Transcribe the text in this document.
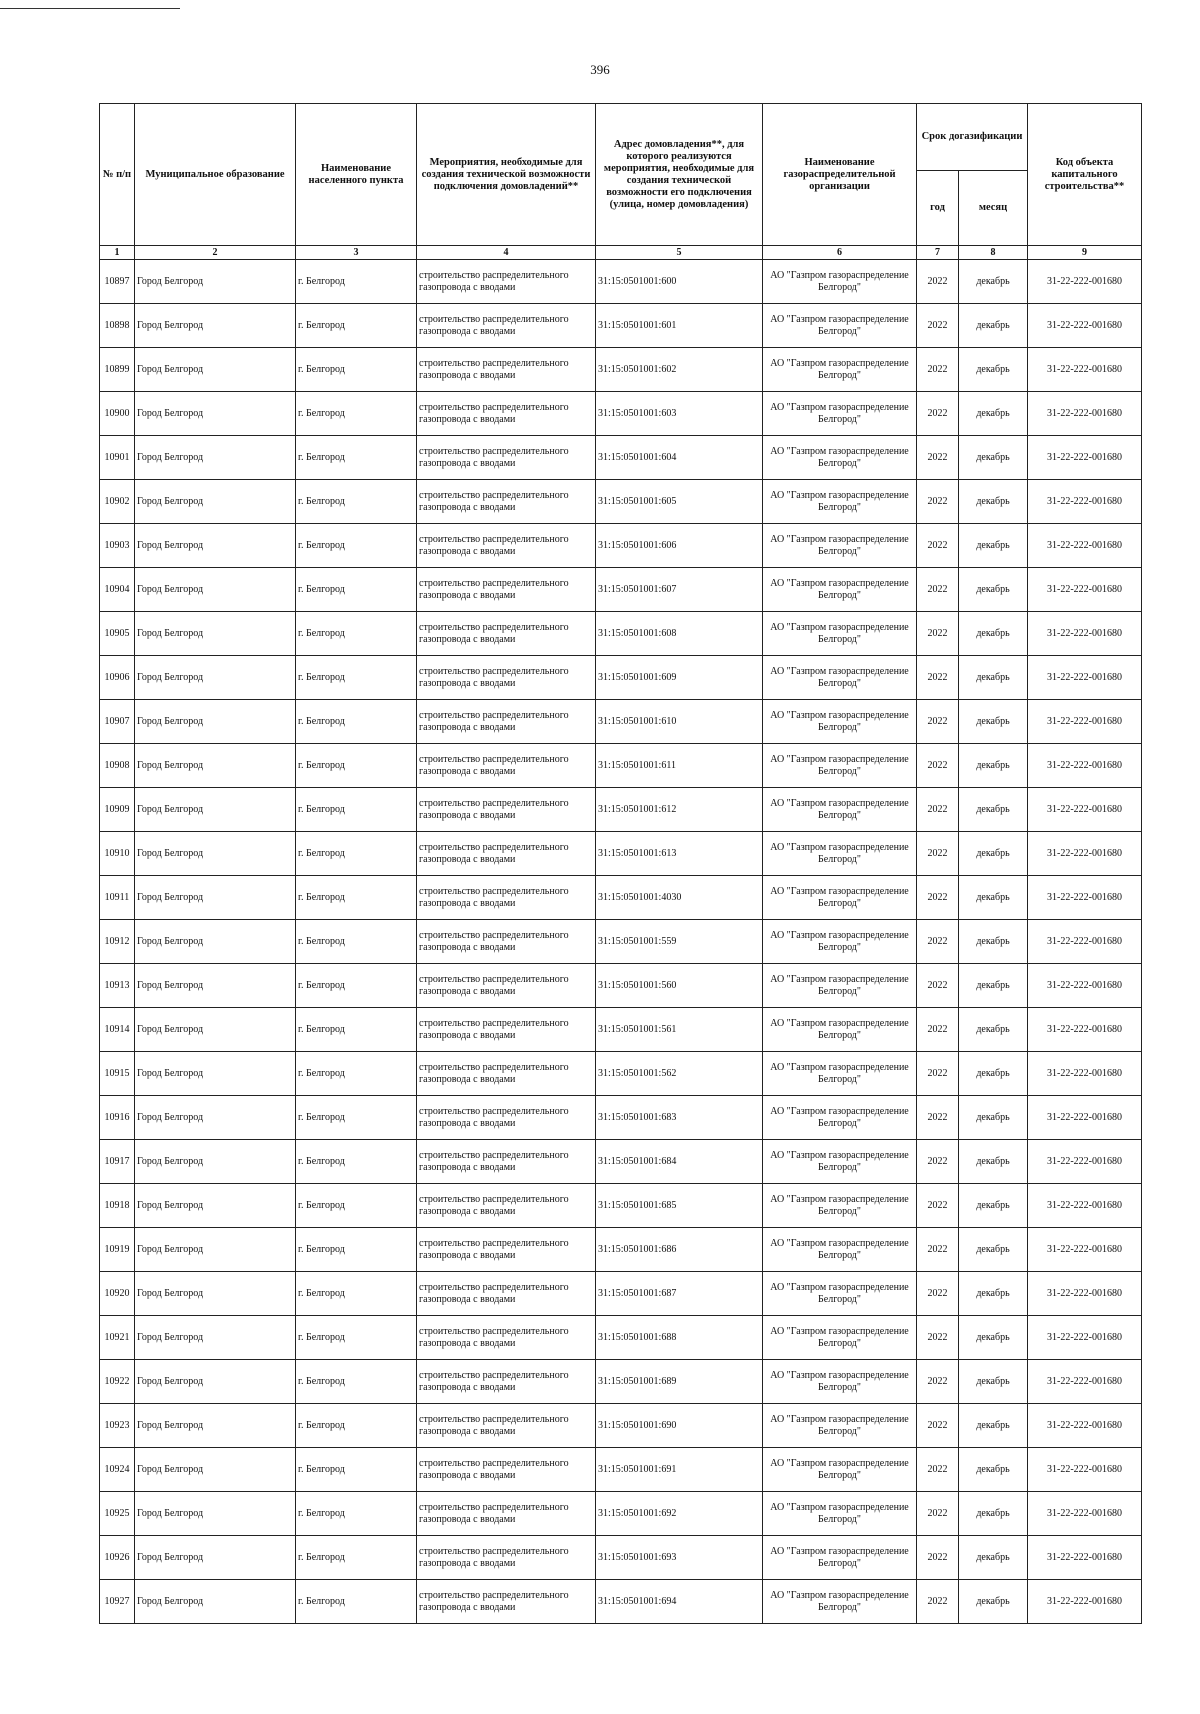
396
№ п/п	Муниципальное образование	Наименование населенного пункта	Мероприятия, необходимые для создания технической возможности подключения домовладений**	Адрес домовладения**, для которого реализуются мероприятия, необходимые для создания технической возможности его подключения (улица, номер домовладения)	Наименование газораспределительной организации	Срок догазификации		Код объекта капитального строительства**
						год	месяц	
1	2	3	4	5	6	7	8	9
10897	Город Белгород	г. Белгород	строительство распределительного газопровода с вводами	31:15:0501001:600	АО "Газпром газораспределение Белгород"	2022	декабрь	31-22-222-001680
10898	Город Белгород	г. Белгород	строительство распределительного газопровода с вводами	31:15:0501001:601	АО "Газпром газораспределение Белгород"	2022	декабрь	31-22-222-001680
10899	Город Белгород	г. Белгород	строительство распределительного газопровода с вводами	31:15:0501001:602	АО "Газпром газораспределение Белгород"	2022	декабрь	31-22-222-001680
10900	Город Белгород	г. Белгород	строительство распределительного газопровода с вводами	31:15:0501001:603	АО "Газпром газораспределение Белгород"	2022	декабрь	31-22-222-001680
10901	Город Белгород	г. Белгород	строительство распределительного газопровода с вводами	31:15:0501001:604	АО "Газпром газораспределение Белгород"	2022	декабрь	31-22-222-001680
10902	Город Белгород	г. Белгород	строительство распределительного газопровода с вводами	31:15:0501001:605	АО "Газпром газораспределение Белгород"	2022	декабрь	31-22-222-001680
10903	Город Белгород	г. Белгород	строительство распределительного газопровода с вводами	31:15:0501001:606	АО "Газпром газораспределение Белгород"	2022	декабрь	31-22-222-001680
10904	Город Белгород	г. Белгород	строительство распределительного газопровода с вводами	31:15:0501001:607	АО "Газпром газораспределение Белгород"	2022	декабрь	31-22-222-001680
10905	Город Белгород	г. Белгород	строительство распределительного газопровода с вводами	31:15:0501001:608	АО "Газпром газораспределение Белгород"	2022	декабрь	31-22-222-001680
10906	Город Белгород	г. Белгород	строительство распределительного газопровода с вводами	31:15:0501001:609	АО "Газпром газораспределение Белгород"	2022	декабрь	31-22-222-001680
10907	Город Белгород	г. Белгород	строительство распределительного газопровода с вводами	31:15:0501001:610	АО "Газпром газораспределение Белгород"	2022	декабрь	31-22-222-001680
10908	Город Белгород	г. Белгород	строительство распределительного газопровода с вводами	31:15:0501001:611	АО "Газпром газораспределение Белгород"	2022	декабрь	31-22-222-001680
10909	Город Белгород	г. Белгород	строительство распределительного газопровода с вводами	31:15:0501001:612	АО "Газпром газораспределение Белгород"	2022	декабрь	31-22-222-001680
10910	Город Белгород	г. Белгород	строительство распределительного газопровода с вводами	31:15:0501001:613	АО "Газпром газораспределение Белгород"	2022	декабрь	31-22-222-001680
10911	Город Белгород	г. Белгород	строительство распределительного газопровода с вводами	31:15:0501001:4030	АО "Газпром газораспределение Белгород"	2022	декабрь	31-22-222-001680
10912	Город Белгород	г. Белгород	строительство распределительного газопровода с вводами	31:15:0501001:559	АО "Газпром газораспределение Белгород"	2022	декабрь	31-22-222-001680
10913	Город Белгород	г. Белгород	строительство распределительного газопровода с вводами	31:15:0501001:560	АО "Газпром газораспределение Белгород"	2022	декабрь	31-22-222-001680
10914	Город Белгород	г. Белгород	строительство распределительного газопровода с вводами	31:15:0501001:561	АО "Газпром газораспределение Белгород"	2022	декабрь	31-22-222-001680
10915	Город Белгород	г. Белгород	строительство распределительного газопровода с вводами	31:15:0501001:562	АО "Газпром газораспределение Белгород"	2022	декабрь	31-22-222-001680
10916	Город Белгород	г. Белгород	строительство распределительного газопровода с вводами	31:15:0501001:683	АО "Газпром газораспределение Белгород"	2022	декабрь	31-22-222-001680
10917	Город Белгород	г. Белгород	строительство распределительного газопровода с вводами	31:15:0501001:684	АО "Газпром газораспределение Белгород"	2022	декабрь	31-22-222-001680
10918	Город Белгород	г. Белгород	строительство распределительного газопровода с вводами	31:15:0501001:685	АО "Газпром газораспределение Белгород"	2022	декабрь	31-22-222-001680
10919	Город Белгород	г. Белгород	строительство распределительного газопровода с вводами	31:15:0501001:686	АО "Газпром газораспределение Белгород"	2022	декабрь	31-22-222-001680
10920	Город Белгород	г. Белгород	строительство распределительного газопровода с вводами	31:15:0501001:687	АО "Газпром газораспределение Белгород"	2022	декабрь	31-22-222-001680
10921	Город Белгород	г. Белгород	строительство распределительного газопровода с вводами	31:15:0501001:688	АО "Газпром газораспределение Белгород"	2022	декабрь	31-22-222-001680
10922	Город Белгород	г. Белгород	строительство распределительного газопровода с вводами	31:15:0501001:689	АО "Газпром газораспределение Белгород"	2022	декабрь	31-22-222-001680
10923	Город Белгород	г. Белгород	строительство распределительного газопровода с вводами	31:15:0501001:690	АО "Газпром газораспределение Белгород"	2022	декабрь	31-22-222-001680
10924	Город Белгород	г. Белгород	строительство распределительного газопровода с вводами	31:15:0501001:691	АО "Газпром газораспределение Белгород"	2022	декабрь	31-22-222-001680
10925	Город Белгород	г. Белгород	строительство распределительного газопровода с вводами	31:15:0501001:692	АО "Газпром газораспределение Белгород"	2022	декабрь	31-22-222-001680
10926	Город Белгород	г. Белгород	строительство распределительного газопровода с вводами	31:15:0501001:693	АО "Газпром газораспределение Белгород"	2022	декабрь	31-22-222-001680
10927	Город Белгород	г. Белгород	строительство распределительного газопровода с вводами	31:15:0501001:694	АО "Газпром газораспределение Белгород"	2022	декабрь	31-22-222-001680
